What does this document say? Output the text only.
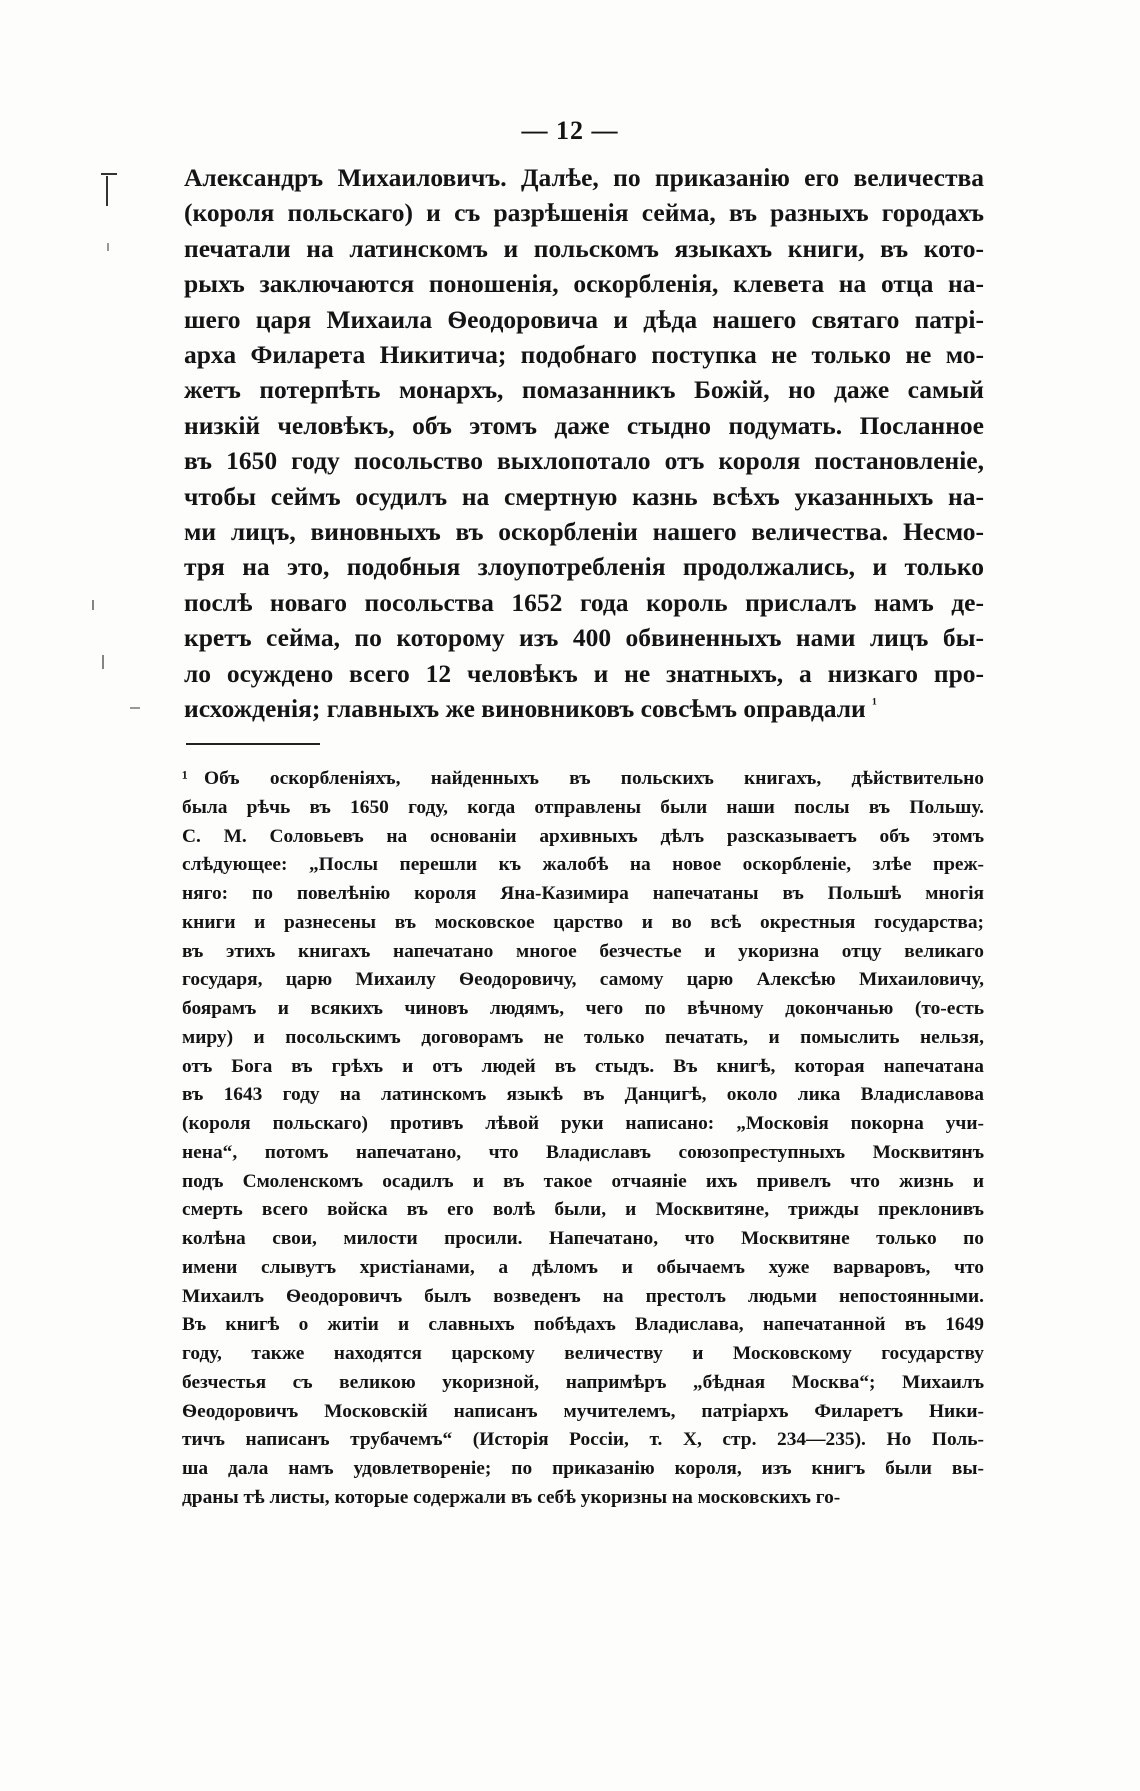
— 12 —
Александръ Михаиловичъ. Далѣе, по приказанію его величества
(короля польскаго) и съ разрѣшенія сейма, въ разныхъ городахъ
печатали на латинскомъ и польскомъ языкахъ книги, въ кото-
рыхъ заключаются поношенія, оскорбленія, клевета на отца на-
шего царя Михаила Ѳеодоровича и дѣда нашего святаго патрі-
арха Филарета Никитича; подобнаго поступка не только не мо-
жетъ потерпѣть монархъ, помазанникъ Божій, но даже самый
низкій человѣкъ, объ этомъ даже стыдно подумать. Посланное
въ 1650 году посольство выхлопотало отъ короля постановленіе,
чтобы сеймъ осудилъ на смертную казнь всѣхъ указанныхъ на-
ми лицъ, виновныхъ въ оскорбленіи нашего величества. Несмо-
тря на это, подобныя злоупотребленія продолжались, и только
послѣ новаго посольства 1652 года король прислалъ намъ де-
кретъ сейма, по которому изъ 400 обвиненныхъ нами лицъ бы-
ло осуждено всего 12 человѣкъ и не знатныхъ, а низкаго про-
исхожденія; главныхъ же виновниковъ совсѣмъ оправдали $^{^1}$
¹ Объ оскорбленіяхъ, найденныхъ въ польскихъ книгахъ, дѣйствительно
была рѣчь въ 1650 году, когда отправлены были наши послы въ Польшу.
С. М. Соловьевъ на основаніи архивныхъ дѣлъ разсказываетъ объ этомъ
слѣдующее: „Послы перешли къ жалобѣ на новое оскорбленіе, злѣе преж-
няго: по повелѣнію короля Яна-Казимира напечатаны въ Польшѣ многія
книги и разнесены въ московское царство и во всѣ окрестныя государства;
въ этихъ книгахъ напечатано многое безчестье и укоризна отцу великаго
государя, царю Михаилу Ѳеодоровичу, самому царю Алексѣю Михаиловичу,
боярамъ и всякихъ чиновъ людямъ, чего по вѣчному докончанью (то-есть
миру) и посольскимъ договорамъ не только печатать, и помыслить нельзя,
отъ Бога въ грѣхъ и отъ людей въ стыдъ. Въ книгѣ, которая напечатана
въ 1643 году на латинскомъ языкѣ въ Данцигѣ, около лика Владиславова
(короля польскаго) противъ лѣвой руки написано: „Московія покорна учи-
нена“, потомъ напечатано, что Владиславъ союзопреступныхъ Москвитянъ
подъ Смоленскомъ осадилъ и въ такое отчаяніе ихъ привелъ что жизнь и
смерть всего войска въ его волѣ были, и Москвитяне, трижды преклонивъ
колѣна свои, милости просили. Напечатано, что Москвитяне только по
имени слывутъ христіанами, а дѣломъ и обычаемъ хуже варваровъ, что
Михаилъ Ѳеодоровичъ былъ возведенъ на престолъ людьми непостоянными.
Въ книгѣ о житіи и славныхъ побѣдахъ Владислава, напечатанной въ 1649
году, также находятся царскому величеству и Московскому государству
безчестья съ великою укоризной, напримѣръ „бѣдная Москва“; Михаилъ
Ѳеодоровичъ Московскій написанъ мучителемъ, патріархъ Филаретъ Ники-
тичъ написанъ трубачемъ“ (Исторія Россіи, т. X, стр. 234—235). Но Поль-
ша дала намъ удовлетвореніе; по приказанію короля, изъ книгъ были вы-
драны тѣ листы, которые содержали въ себѣ укоризны на московскихъ го-
